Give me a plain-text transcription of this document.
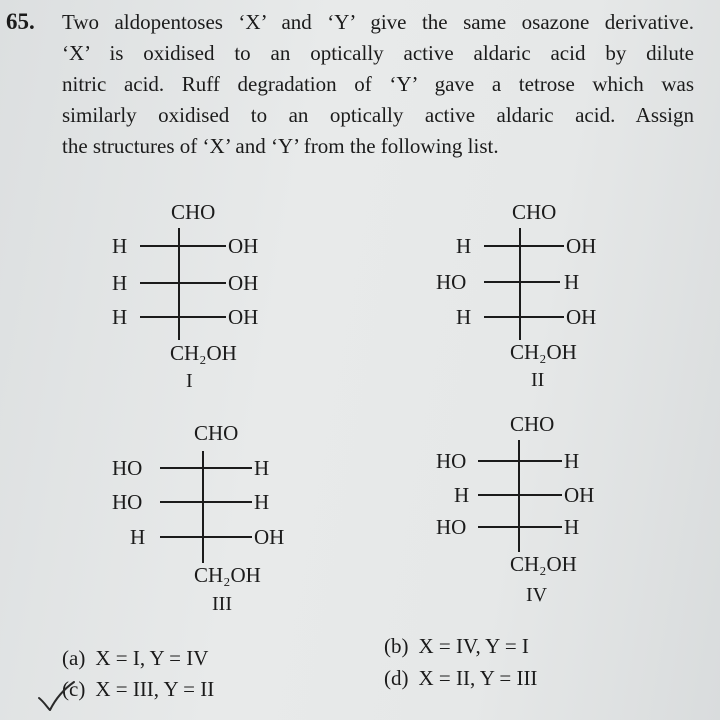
65. Two aldopentoses ‘X’ and ‘Y’ give the same osazone derivative.
‘X’ is oxidised to an optically active aldaric acid by dilute
nitric acid. Ruff degradation of ‘Y’ gave a tetrose which was
similarly oxidised to an optically active aldaric acid. Assign
the structures of ‘X’ and ‘Y’ from the following list.
CHO
H	OH
H	OH
H	OH
CH₂OH
I
CHO
H	OH
HO	H
H	OH
CH₂OH
II
CHO
HO	H
HO	H
H	OH
CH₂OH
III
CHO
HO	H
H	OH
HO	H
CH₂OH
IV
(a) X = I, Y = IV	(b) X = IV, Y = I
(c) X = III, Y = II	(d) X = II, Y = III
